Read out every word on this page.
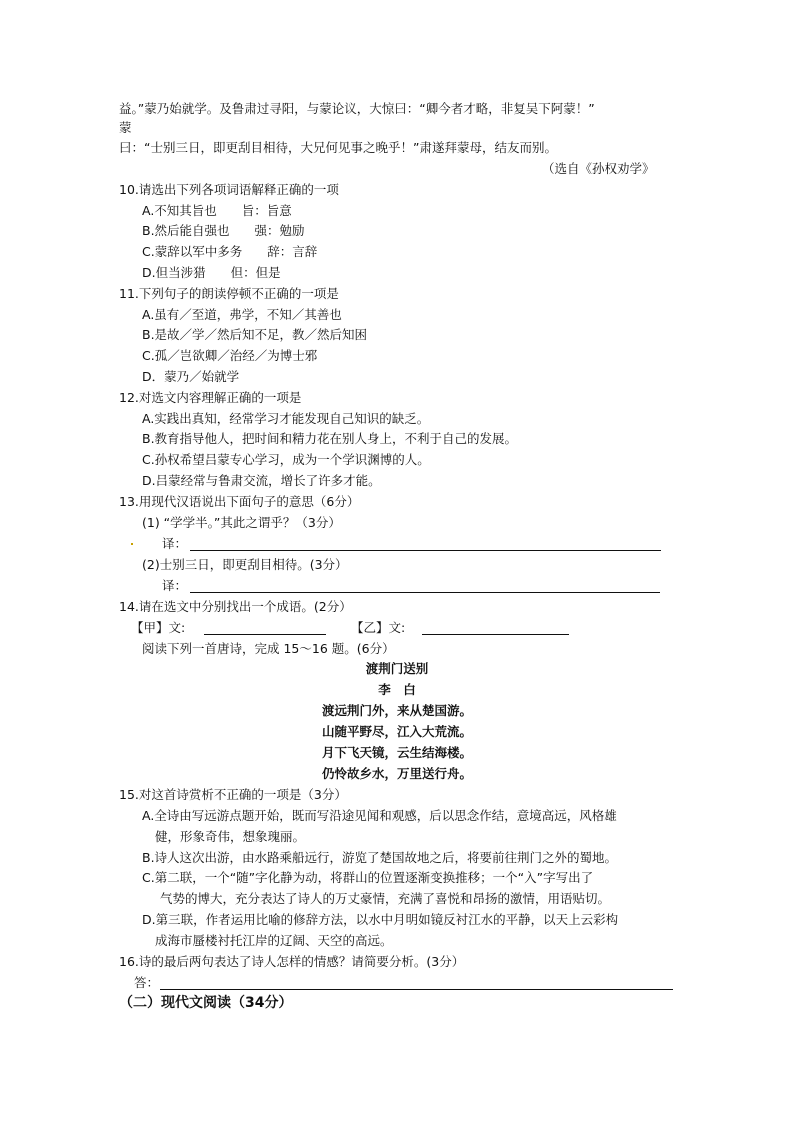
益。”蒙乃始就学。及鲁肃过寻阳，与蒙论议，大惊曰：“卿今者才略，非复吴下阿蒙！”
蒙
曰：“士别三日，即更刮目相待，大兄何见事之晚乎！”肃遂拜蒙母，结友而别。
（选自《孙权劝学》
10.请选出下列各项词语解释正确的一项
A.不知其旨也　　旨：旨意
B.然后能自强也　　强：勉励
C.蒙辞以军中多务　　辞：言辞
D.但当涉猎　　但：但是
11.下列句子的朗读停顿不正确的一项是
A.虽有／至道，弗学，不知／其善也
B.是故／学／然后知不足，教／然后知困
C.孤／岂欲卿／治经／为博士邪
D．蒙乃／始就学
12.对选文内容理解正确的一项是
A.实践出真知，经常学习才能发现自己知识的缺乏。
B.教育指导他人，把时间和精力花在别人身上，不利于自己的发展。
C.孙权希望吕蒙专心学习，成为一个学识渊博的人。
D.吕蒙经常与鲁肃交流，增长了许多才能。
13.用现代汉语说出下面句子的意思（6分）
(1) “学学半。”其此之谓乎？（3分）
译：
(2)士别三日，即更刮目相待。(3分）
译：
14.请在选文中分别找出一个成语。(2分）
【甲】文:	【乙】文:
阅读下列一首唐诗，完成 15～16 题。(6分）
渡荆门送别
李　白
渡远荆门外，来从楚国游。
山随平野尽，江入大荒流。
月下飞天镜，云生结海楼。
仍怜故乡水，万里送行舟。
15.对这首诗赏析不正确的一项是（3分）
A.全诗由写远游点题开始，既而写沿途见闻和观感，后以思念作结，意境高远，风格雄
健，形象奇伟，想象瑰丽。
B.诗人这次出游，由水路乘船远行，游览了楚国故地之后，将要前往荆门之外的蜀地。
C.第二联，一个“随”字化静为动，将群山的位置逐渐变换推移；一个“入”字写出了
气势的博大，充分表达了诗人的万丈豪情，充满了喜悦和昂扬的激情，用语贴切。
D.第三联，作者运用比喻的修辞方法，以水中月明如镜反衬江水的平静，以天上云彩构
成海市蜃楼衬托江岸的辽阔、天空的高远。
16.诗的最后两句表达了诗人怎样的情感？请简要分析。(3分）
答：
（二）现代文阅读（34分）
